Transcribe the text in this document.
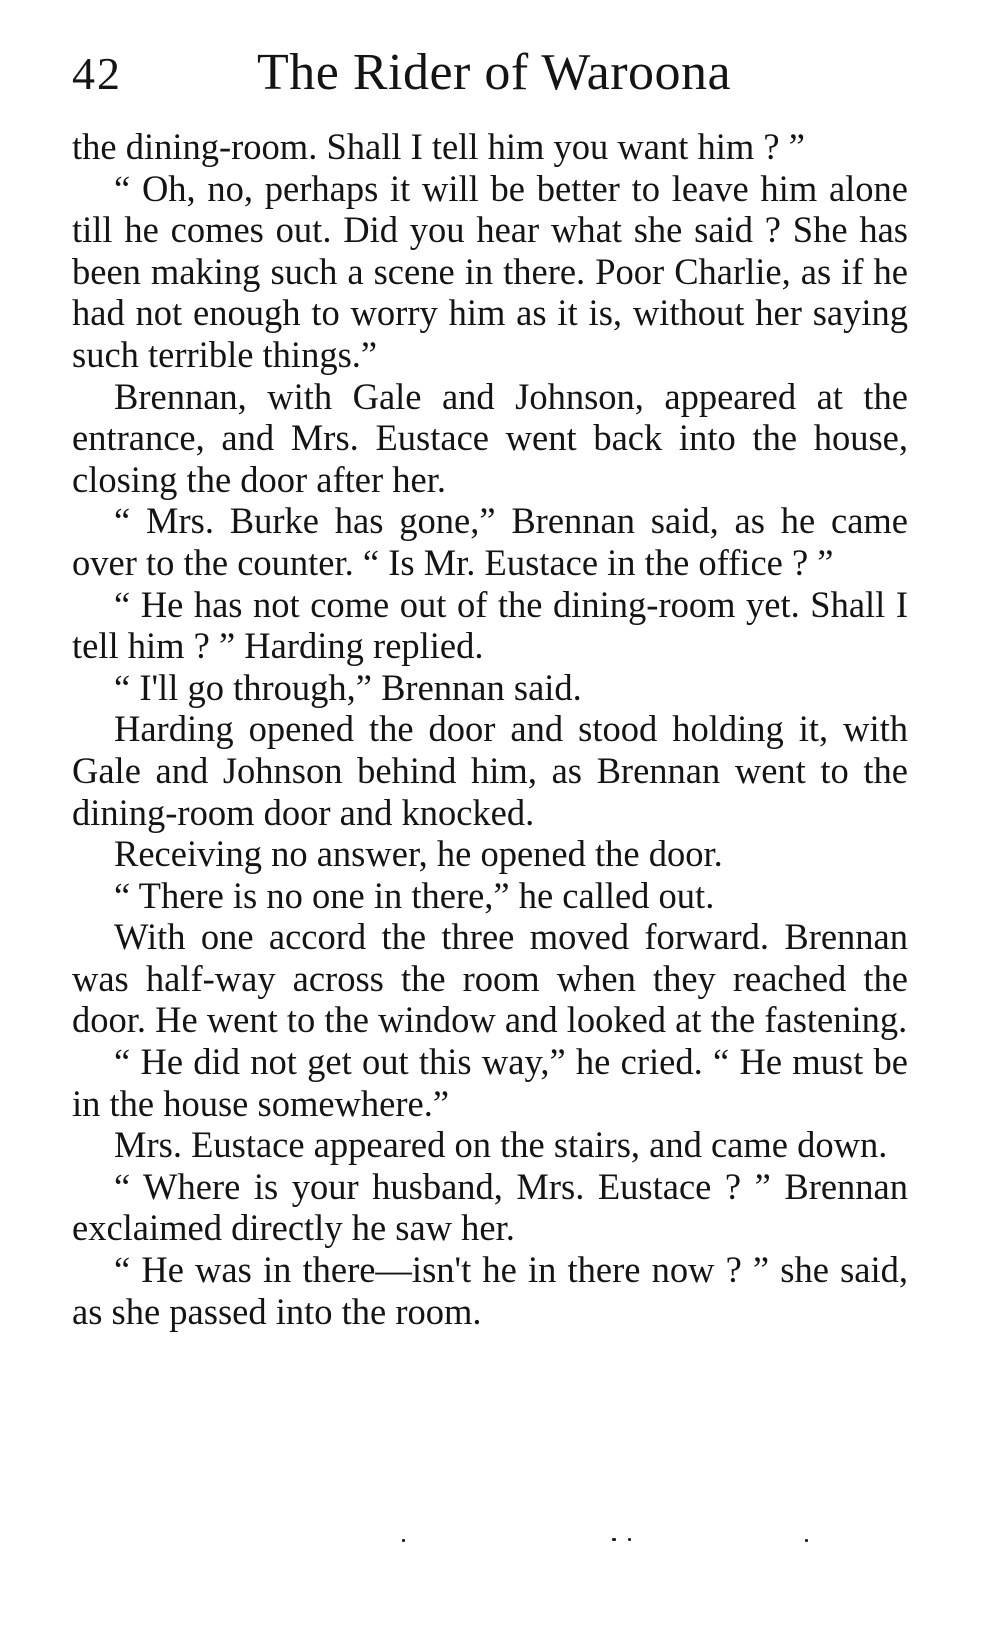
42	The Rider of Waroona

the dining-room. Shall I tell him you want him ? ”

“ Oh, no, perhaps it will be better to leave him alone till he comes out. Did you hear what she said ? She has been making such a scene in there. Poor Charlie, as if he had not enough to worry him as it is, without her saying such terrible things.”

Brennan, with Gale and Johnson, appeared at the entrance, and Mrs. Eustace went back into the house, closing the door after her.

“ Mrs. Burke has gone,” Brennan said, as he came over to the counter. “ Is Mr. Eustace in the office ? ”

“ He has not come out of the dining-room yet. Shall I tell him ? ” Harding replied.

“ I'll go through,” Brennan said.

Harding opened the door and stood holding it, with Gale and Johnson behind him, as Brennan went to the dining-room door and knocked.

Receiving no answer, he opened the door.

“ There is no one in there,” he called out.

With one accord the three moved forward. Brennan was half-way across the room when they reached the door. He went to the window and looked at the fastening.

“ He did not get out this way,” he cried. “ He must be in the house somewhere.”

Mrs. Eustace appeared on the stairs, and came down.

“ Where is your husband, Mrs. Eustace ? ” Brennan exclaimed directly he saw her.

“ He was in there—isn't he in there now ? ” she said, as she passed into the room.
